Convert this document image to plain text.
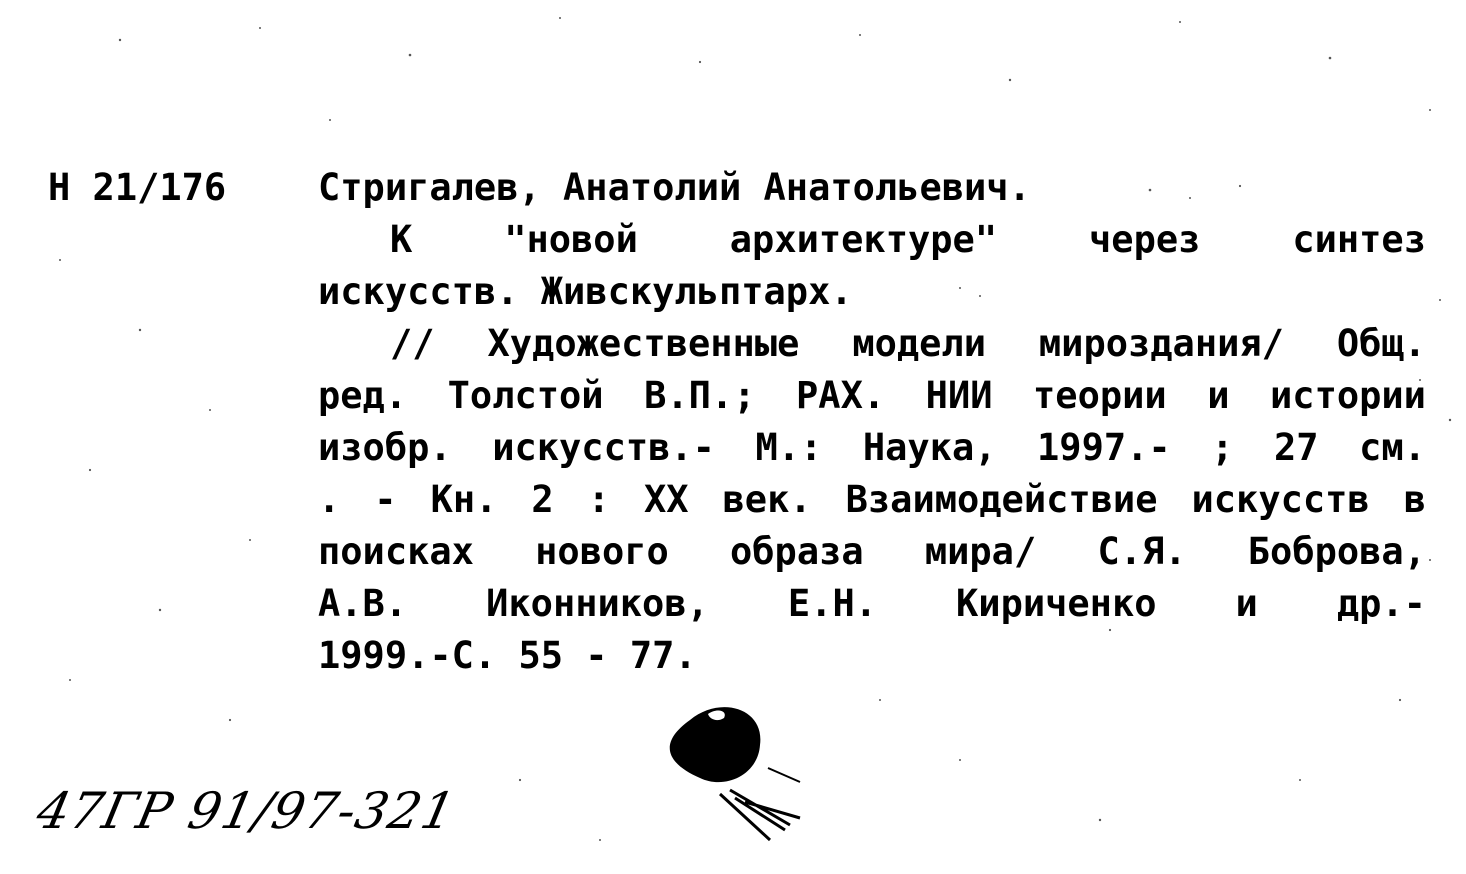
Н 21/176 Стригалев, Анатолий Анатольевич.
К "новой архитектуре" через синтез
искусств. Живскульптарх.
// Художественные модели мироздания/ Общ.
ред. Толстой В.П.; РАХ. НИИ теории и истории
изобр. искусств.- М.: Наука, 1997.- ; 27 см.
. - Кн. 2 : XX век. Взаимодействие искусств в
поисках нового образа мира/ С.Я. Боброва,
А.В. Иконников, Е.Н. Кириченко и др.-
1999.-С. 55 - 77.
47ГР 91/97-321
